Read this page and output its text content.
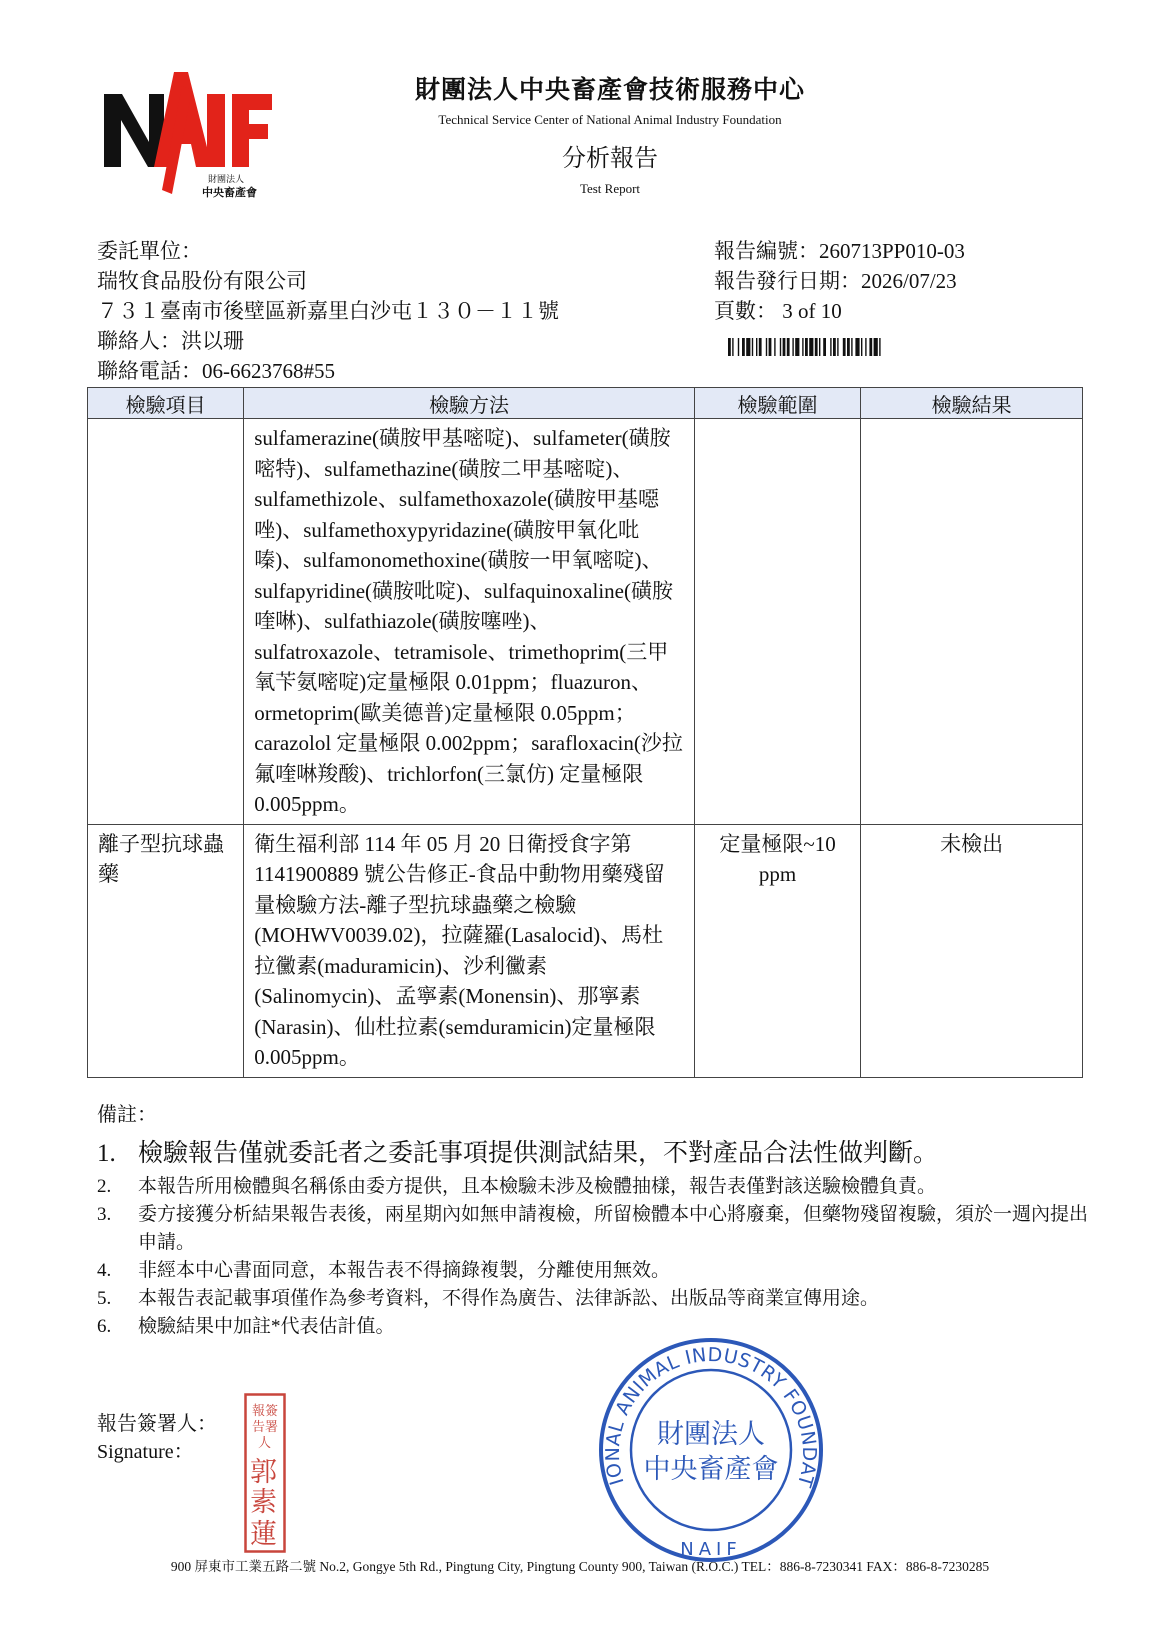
財團法人
中央畜產會
財團法人中央畜產會技術服務中心
Technical Service Center of National Animal Industry Foundation
分析報告
Test Report
委託單位：
瑞牧食品股份有限公司
７３１臺南市後壁區新嘉里白沙屯１３０－１１號
聯絡人：洪以珊
聯絡電話：06-6623768#55
報告編號：260713PP010-03
報告發行日期：2026/07/23
頁數： 3 of 10
檢驗項目	檢驗方法	檢驗範圍	檢驗結果
	sulfamerazine(磺胺甲基嘧啶)、sulfameter(磺胺嘧特)、sulfamethazine(磺胺二甲基嘧啶)、sulfamethizole、sulfamethoxazole(磺胺甲基噁唑)、sulfamethoxypyridazine(磺胺甲氧化吡嗪)、sulfamonomethoxine(磺胺一甲氧嘧啶)、sulfapyridine(磺胺吡啶)、sulfaquinoxaline(磺胺喹啉)、sulfathiazole(磺胺噻唑)、sulfatroxazole、tetramisole、trimethoprim(三甲氧苄氨嘧啶)定量極限 0.01ppm；fluazuron、ormetoprim(歐美德普)定量極限 0.05ppm；carazolol 定量極限 0.002ppm；sarafloxacin(沙拉氟喹啉羧酸)、trichlorfon(三氯仿) 定量極限 0.005ppm。		
離子型抗球蟲藥	衛生福利部 114 年 05 月 20 日衛授食字第 1141900889 號公告修正-食品中動物用藥殘留量檢驗方法-離子型抗球蟲藥之檢驗(MOHWV0039.02)，拉薩羅(Lasalocid)、馬杜拉黴素(maduramicin)、沙利黴素(Salinomycin)、孟寧素(Monensin)、那寧素(Narasin)、仙杜拉素(semduramicin)定量極限 0.005ppm。	定量極限~10 ppm	未檢出
備註：
1. 檢驗報告僅就委託者之委託事項提供測試結果，不對產品合法性做判斷。
2.	本報告所用檢體與名稱係由委方提供，且本檢驗未涉及檢體抽樣，報告表僅對該送驗檢體負責。
3.	委方接獲分析結果報告表後，兩星期內如無申請複檢，所留檢體本中心將廢棄，但藥物殘留複驗，須於一週內提出申請。
4.	非經本中心書面同意，本報告表不得摘錄複製，分離使用無效。
5.	本報告表記載事項僅作為參考資料，不得作為廣告、法律訴訟、出版品等商業宣傳用途。
6.	檢驗結果中加註*代表估計值。
報告簽署人：
Signature：
報簽
告署
人
郭
素
蓮
IONAL ANIMAL INDUSTRY FOUNDAT
NAIF
財團法人
中央畜產會
900 屏東市工業五路二號 No.2, Gongye 5th Rd., Pingtung City, Pingtung County 900, Taiwan (R.O.C.) TEL：886-8-7230341 FAX：886-8-7230285
